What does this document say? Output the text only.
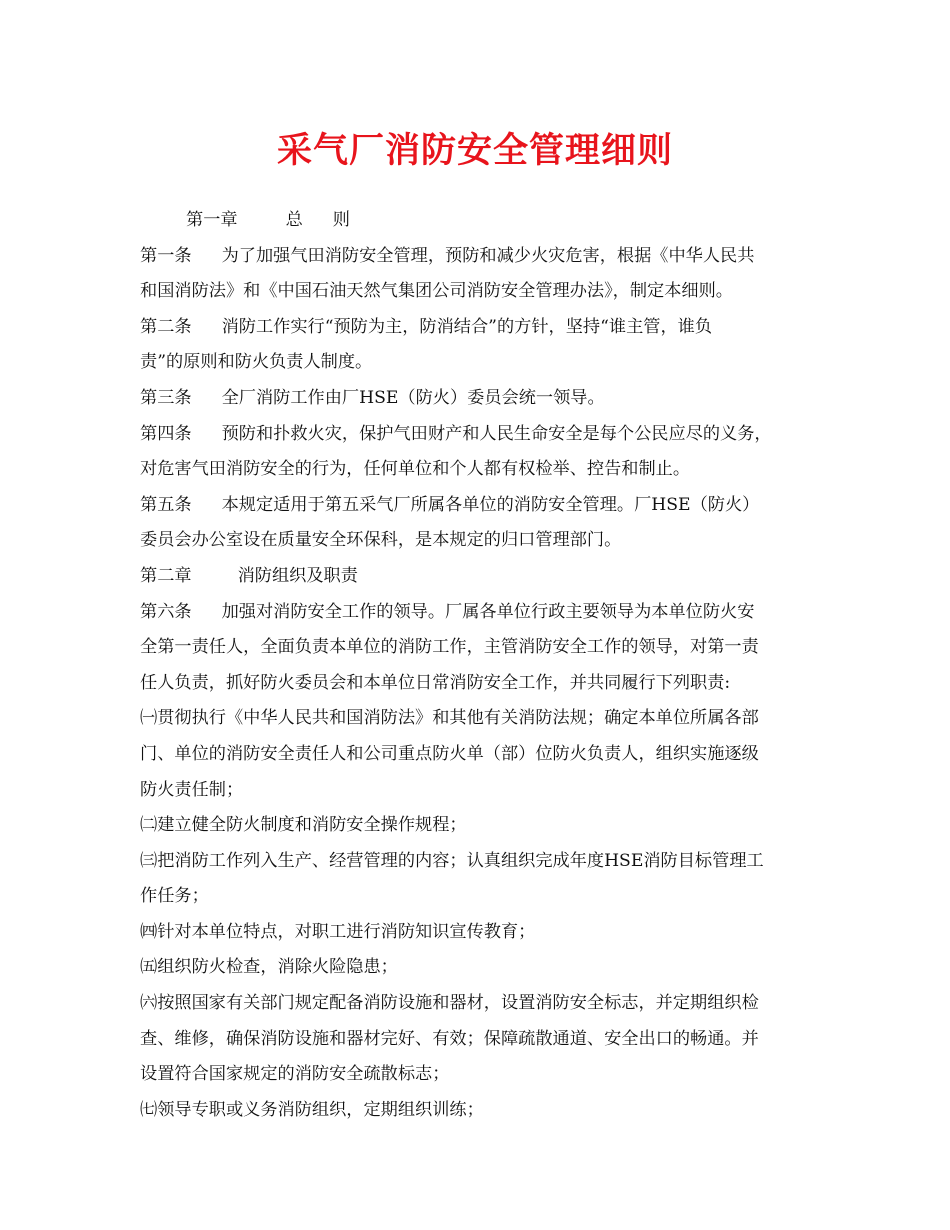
采气厂消防安全管理细则
第一章	总 则
第一条 为了加强气田消防安全管理，预防和减少火灾危害，根据《中华人民共
和国消防法》和《中国石油天然气集团公司消防安全管理办法》，制定本细则。
第二条 消防工作实行“预防为主，防消结合”的方针，坚持“谁主管，谁负
责”的原则和防火负责人制度。
第三条 全厂消防工作由厂HSE（防火）委员会统一领导。
第四条 预防和扑救火灾，保护气田财产和人民生命安全是每个公民应尽的义务，
对危害气田消防安全的行为，任何单位和个人都有权检举、控告和制止。
第五条 本规定适用于第五采气厂所属各单位的消防安全管理。厂HSE（防火）
委员会办公室设在质量安全环保科，是本规定的归口管理部门。
第二章	消防组织及职责
第六条 加强对消防安全工作的领导。厂属各单位行政主要领导为本单位防火安
全第一责任人，全面负责本单位的消防工作，主管消防安全工作的领导，对第一责
任人负责，抓好防火委员会和本单位日常消防安全工作，并共同履行下列职责:
㈠贯彻执行《中华人民共和国消防法》和其他有关消防法规；确定本单位所属各部
门、单位的消防安全责任人和公司重点防火单（部）位防火负责人，组织实施逐级
防火责任制；
㈡建立健全防火制度和消防安全操作规程；
㈢把消防工作列入生产、经营管理的内容；认真组织完成年度HSE消防目标管理工
作任务；
㈣针对本单位特点，对职工进行消防知识宣传教育；
㈤组织防火检查，消除火险隐患；
㈥按照国家有关部门规定配备消防设施和器材，设置消防安全标志，并定期组织检
查、维修，确保消防设施和器材完好、有效；保障疏散通道、安全出口的畅通。并
设置符合国家规定的消防安全疏散标志；
㈦领导专职或义务消防组织，定期组织训练；
